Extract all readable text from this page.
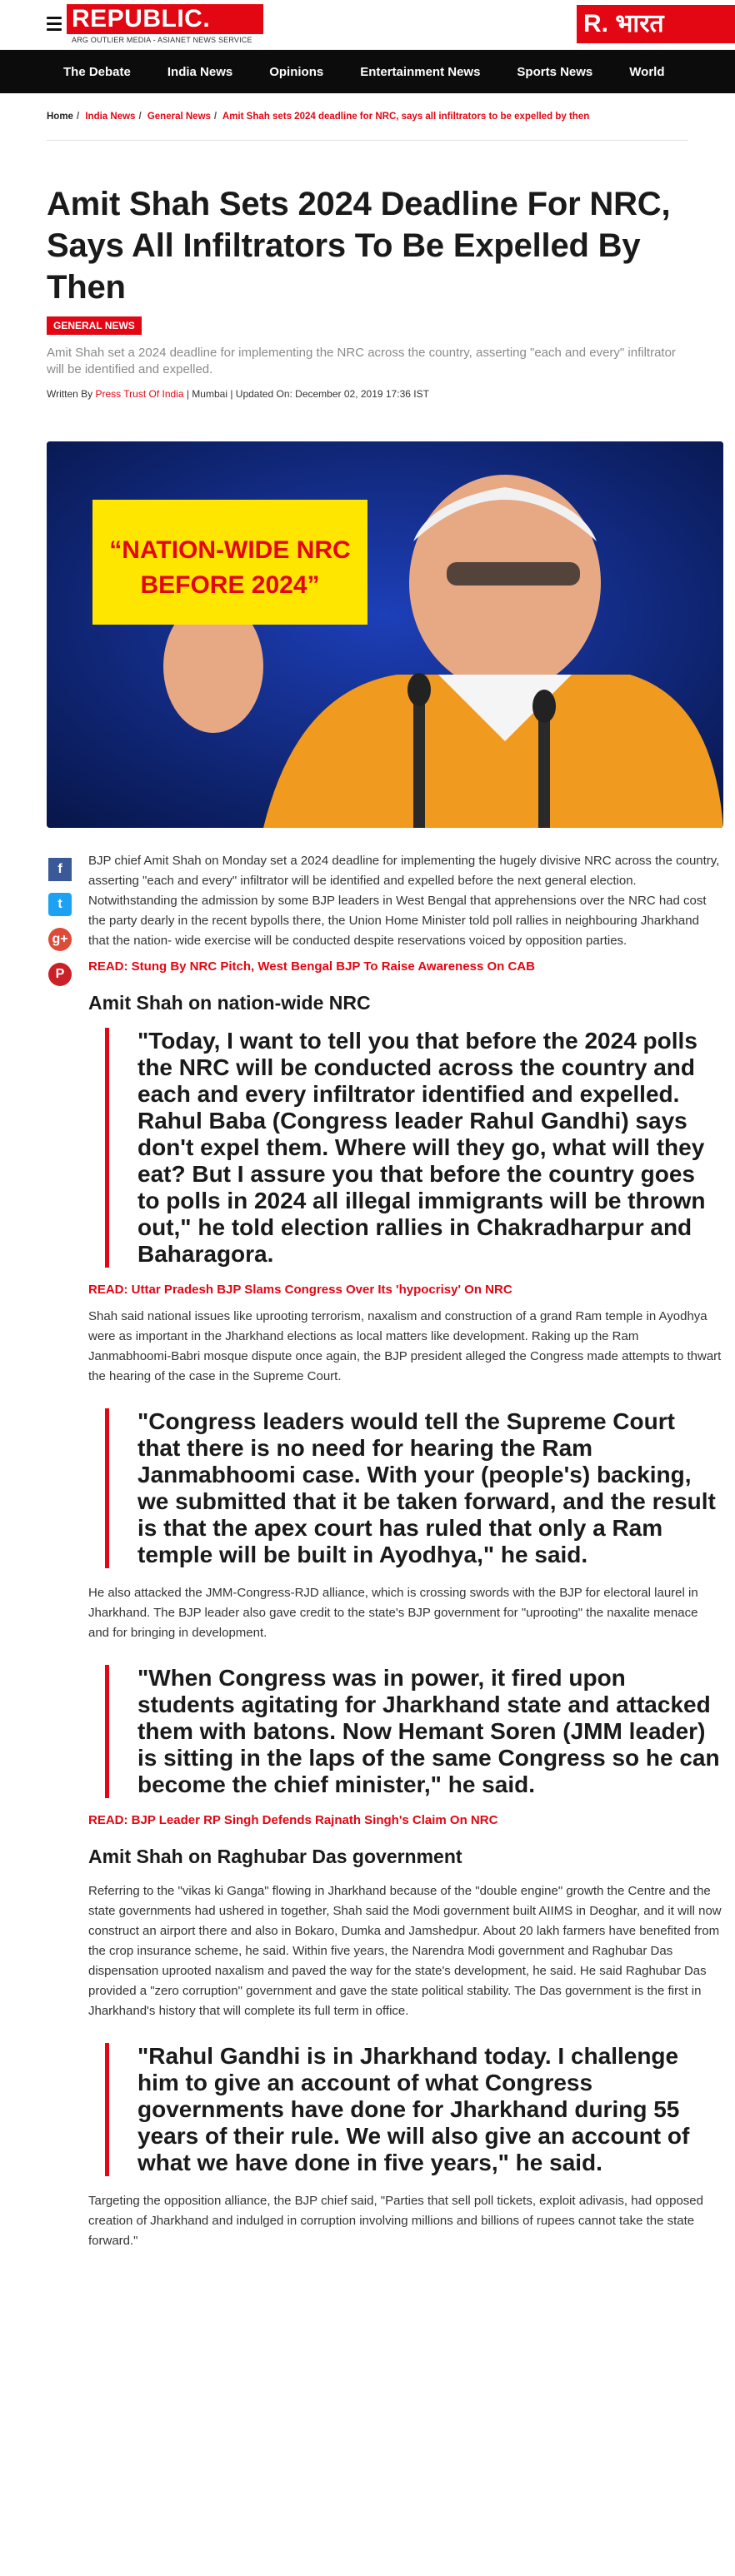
REPUBLIC.
ARG OUTLIER MEDIA - ASIANET NEWS SERVICE
R. भारत
The Debate	India News	Opinions	Entertainment News	Sports News	World
Home / India News / General News / Amit Shah sets 2024 deadline for NRC, says all infiltrators to be expelled by then
Amit Shah Sets 2024 Deadline For NRC, Says All Infiltrators To Be Expelled By Then
GENERAL NEWS

Amit Shah set a 2024 deadline for implementing the NRC across the country, asserting "each and every" infiltrator will be identified and expelled.

Written By Press Trust Of India | Mumbai | Updated On: December 02, 2019 17:36 IST

“NATION-WIDE NRC
BEFORE 2024”
f
t
g+
P

BJP chief Amit Shah on Monday set a 2024 deadline for implementing the hugely divisive NRC across the country, asserting "each and every" infiltrator will be identified and expelled before the next general election. Notwithstanding the admission by some BJP leaders in West Bengal that apprehensions over the NRC had cost the party dearly in the recent bypolls there, the Union Home Minister told poll rallies in neighbouring Jharkhand that the nation- wide exercise will be conducted despite reservations voiced by opposition parties.

READ: Stung By NRC Pitch, West Bengal BJP To Raise Awareness On CAB

Amit Shah on nation-wide NRC
"Today, I want to tell you that before the 2024 polls the NRC will be conducted across the country and each and every infiltrator identified and expelled. Rahul Baba (Congress leader Rahul Gandhi) says don't expel them. Where will they go, what will they eat? But I assure you that before the country goes to polls in 2024 all illegal immigrants will be thrown out," he told election rallies in Chakradharpur and Baharagora.

READ: Uttar Pradesh BJP Slams Congress Over Its 'hypocrisy' On NRC

Shah said national issues like uprooting terrorism, naxalism and construction of a grand Ram temple in Ayodhya were as important in the Jharkhand elections as local matters like development. Raking up the Ram Janmabhoomi-Babri mosque dispute once again, the BJP president alleged the Congress made attempts to thwart the hearing of the case in the Supreme Court.

"Congress leaders would tell the Supreme Court that there is no need for hearing the Ram Janmabhoomi case. With your (people's) backing, we submitted that it be taken forward, and the result is that the apex court has ruled that only a Ram temple will be built in Ayodhya," he said.

He also attacked the JMM-Congress-RJD alliance, which is crossing swords with the BJP for electoral laurel in Jharkhand. The BJP leader also gave credit to the state's BJP government for "uprooting" the naxalite menace and for bringing in development.

"When Congress was in power, it fired upon students agitating for Jharkhand state and attacked them with batons. Now Hemant Soren (JMM leader) is sitting in the laps of the same Congress so he can become the chief minister," he said.

READ: BJP Leader RP Singh Defends Rajnath Singh's Claim On NRC

Amit Shah on Raghubar Das government

Referring to the "vikas ki Ganga" flowing in Jharkhand because of the "double engine" growth the Centre and the state governments had ushered in together, Shah said the Modi government built AIIMS in Deoghar, and it will now construct an airport there and also in Bokaro, Dumka and Jamshedpur. About 20 lakh farmers have benefited from the crop insurance scheme, he said. Within five years, the Narendra Modi government and Raghubar Das dispensation uprooted naxalism and paved the way for the state's development, he said. He said Raghubar Das provided a "zero corruption" government and gave the state political stability. The Das government is the first in Jharkhand's history that will complete its full term in office.

"Rahul Gandhi is in Jharkhand today. I challenge him to give an account of what Congress governments have done for Jharkhand during 55 years of their rule. We will also give an account of what we have done in five years," he said.

Targeting the opposition alliance, the BJP chief said, "Parties that sell poll tickets, exploit adivasis, had opposed creation of Jharkhand and indulged in corruption involving millions and billions of rupees cannot take the state forward."
